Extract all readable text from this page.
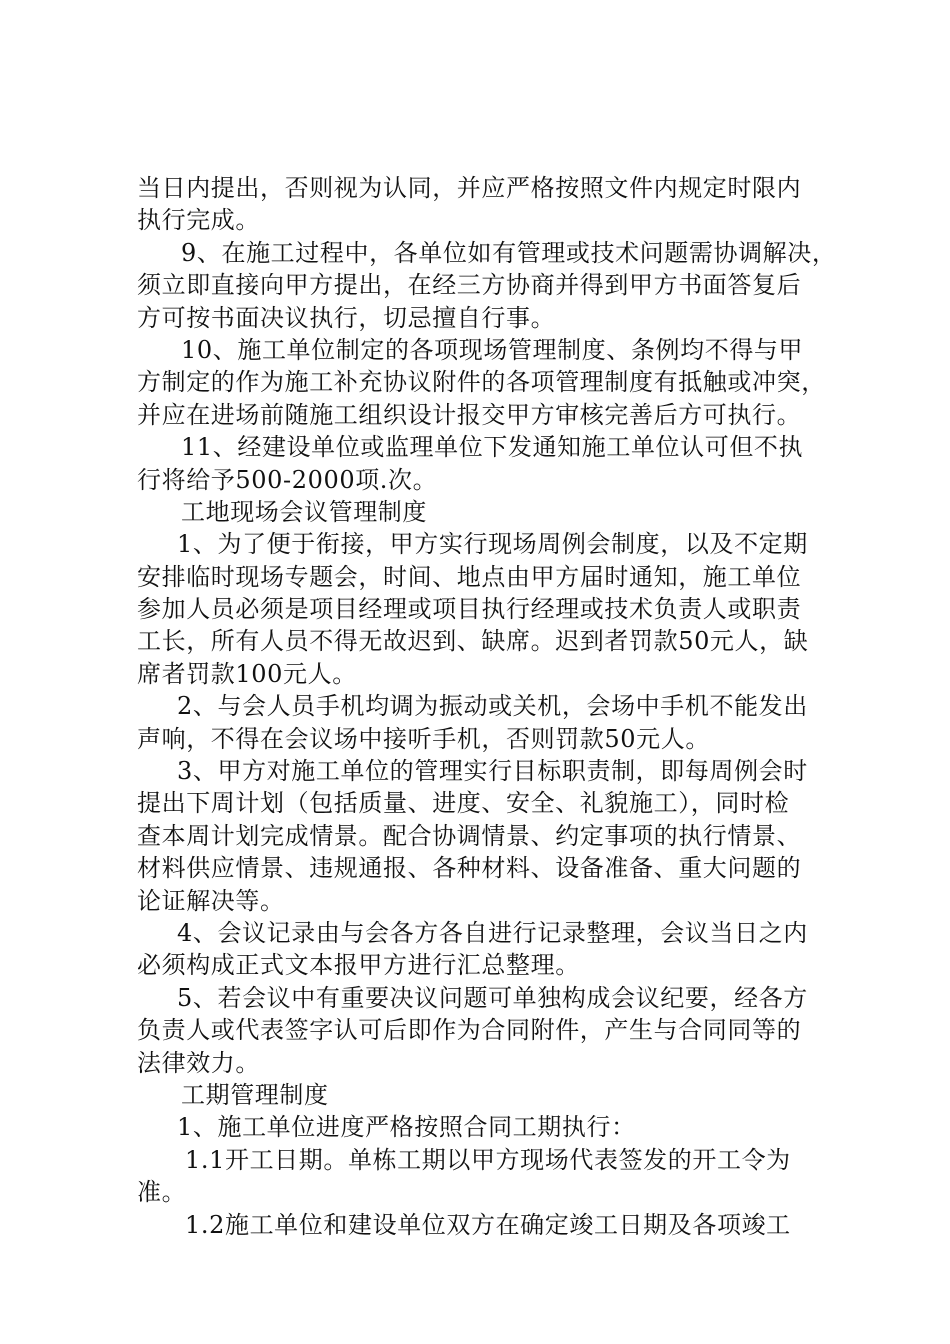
当日内提出，否则视为认同，并应严格按照文件内规定时限内
执行完成。
9、在施工过程中，各单位如有管理或技术问题需协调解决，
须立即直接向甲方提出，在经三方协商并得到甲方书面答复后
方可按书面决议执行，切忌擅自行事。
10、施工单位制定的各项现场管理制度、条例均不得与甲
方制定的作为施工补充协议附件的各项管理制度有抵触或冲突，
并应在进场前随施工组织设计报交甲方审核完善后方可执行。
11、经建设单位或监理单位下发通知施工单位认可但不执
行将给予500-2000项.次。
工地现场会议管理制度
1、为了便于衔接，甲方实行现场周例会制度，以及不定期
安排临时现场专题会，时间、地点由甲方届时通知，施工单位
参加人员必须是项目经理或项目执行经理或技术负责人或职责
工长，所有人员不得无故迟到、缺席。迟到者罚款50元人，缺
席者罚款100元人。
2、与会人员手机均调为振动或关机，会场中手机不能发出
声响，不得在会议场中接听手机，否则罚款50元人。
3、甲方对施工单位的管理实行目标职责制，即每周例会时
提出下周计划（包括质量、进度、安全、礼貌施工），同时检
查本周计划完成情景。配合协调情景、约定事项的执行情景、
材料供应情景、违规通报、各种材料、设备准备、重大问题的
论证解决等。
4、会议记录由与会各方各自进行记录整理，会议当日之内
必须构成正式文本报甲方进行汇总整理。
5、若会议中有重要决议问题可单独构成会议纪要，经各方
负责人或代表签字认可后即作为合同附件，产生与合同同等的
法律效力。
工期管理制度
1、施工单位进度严格按照合同工期执行：
1.1开工日期。单栋工期以甲方现场代表签发的开工令为
准。
1.2施工单位和建设单位双方在确定竣工日期及各项竣工
